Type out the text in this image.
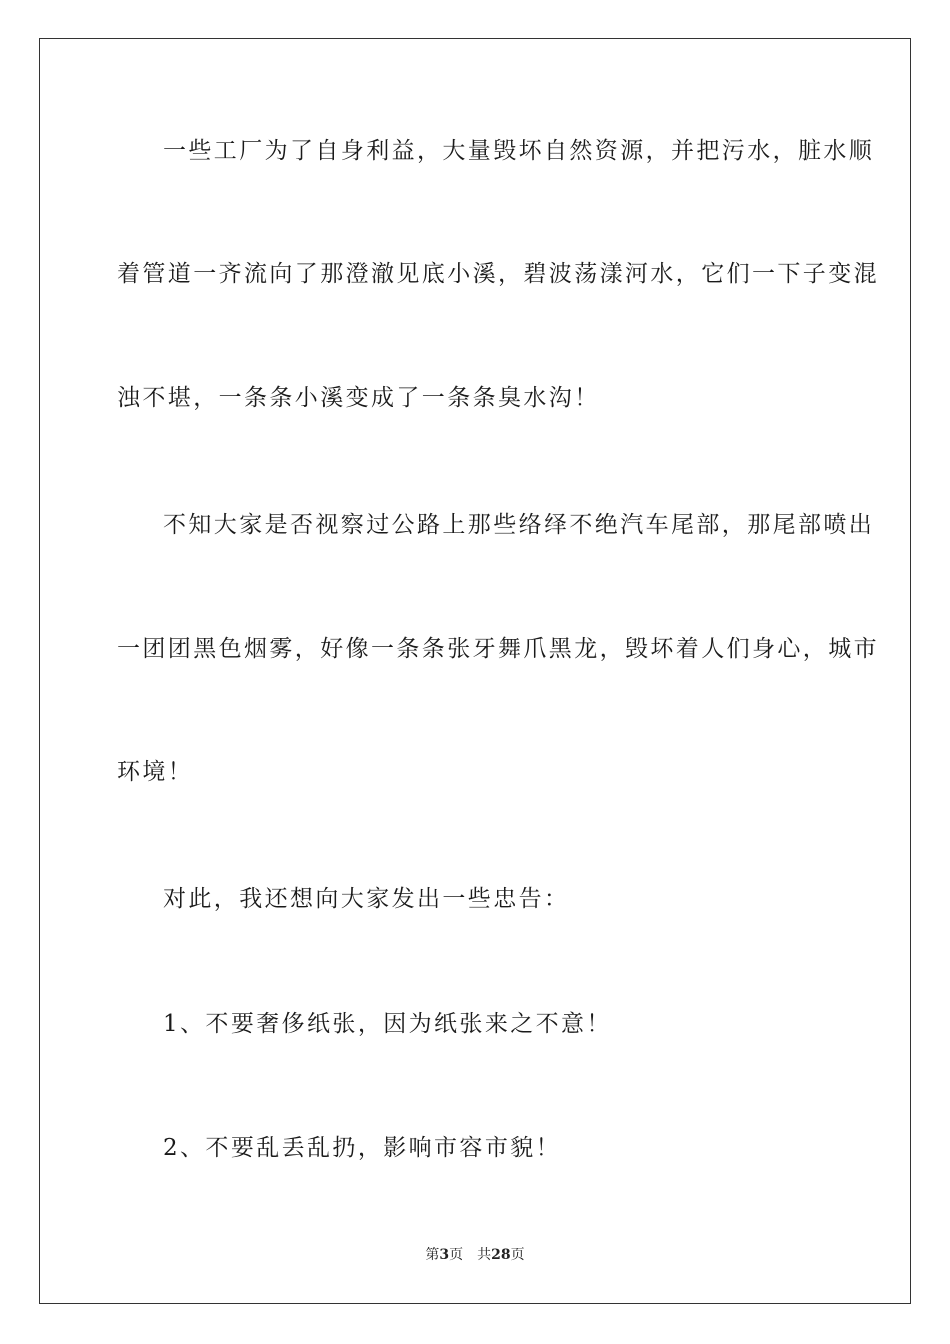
一些工厂为了自身利益，大量毁坏自然资源，并把污水，脏水顺
着管道一齐流向了那澄澈见底小溪，碧波荡漾河水，它们一下子变混
浊不堪，一条条小溪变成了一条条臭水沟！
不知大家是否视察过公路上那些络绎不绝汽车尾部，那尾部喷出
一团团黑色烟雾，好像一条条张牙舞爪黑龙，毁坏着人们身心，城市
环境！
对此，我还想向大家发出一些忠告：
1、不要奢侈纸张，因为纸张来之不意！
2、不要乱丢乱扔，影响市容市貌！
第3页 共28页
